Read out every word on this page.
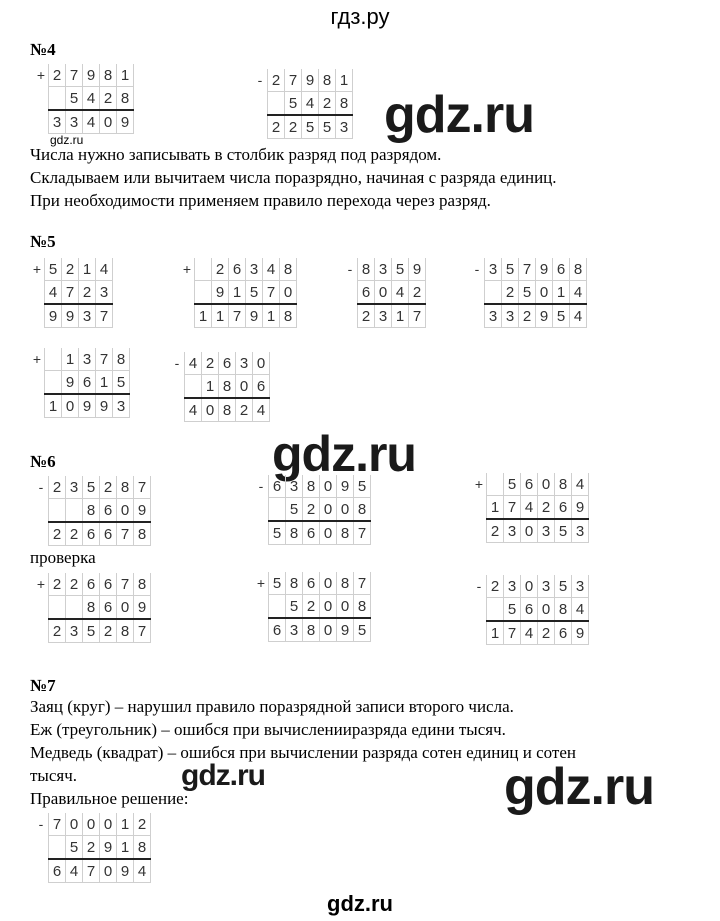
гдз.ру
№4
+	2	7	9	8	1
		5	4	2	8
	3	3	4	0	9
-	2	7	9	8	1
		5	4	2	8
	2	2	5	5	3 gdz.ru
gdz.ru
Числа нужно записывать в столбик разряд под разрядом.
Складываем или вычитаем числа поразрядно, начиная с разряда единиц.
При необходимости применяем правило перехода через разряд.
№5
+	5	2	1	4
	4	7	2	3
	9	9	3	7
+		2	6	3	4	8
		9	1	5	7	0
	1	1	7	9	1	8
-	8	3	5	9
	6	0	4	2
	2	3	1	7
-	3	5	7	9	6	8
		2	5	0	1	4
	3	3	2	9	5	4
+		1	3	7	8
		9	6	1	5
	1	0	9	9	3
-	4	2	6	3	0
		1	8	0	6
	4	0	8	2	4
gdz.ru
№6
-	2	3	5	2	8	7
			8	6	0	9
	2	2	6	6	7	8
-	6	3	8	0	9	5
		5	2	0	0	8
	5	8	6	0	8	7
+		5	6	0	8	4
	1	7	4	2	6	9
	2	3	0	3	5	3
проверка
+	2	2	6	6	7	8
			8	6	0	9
	2	3	5	2	8	7
+	5	8	6	0	8	7
		5	2	0	0	8
	6	3	8	0	9	5
-	2	3	0	3	5	3
		5	6	0	8	4
	1	7	4	2	6	9
№7
Заяц (круг) – нарушил правило поразрядной записи второго числа.
Еж (треугольник) – ошибся при вычисленииразряда едини тысяч.
Медведь (квадрат) – ошибся при вычислении разряда сотен единиц и сотен
тысяч.	gdz.ru	gdz.ru
Правильное решение:
-	7	0	0	0	1	2
		5	2	9	1	8
	6	4	7	0	9	4
gdz.ru
